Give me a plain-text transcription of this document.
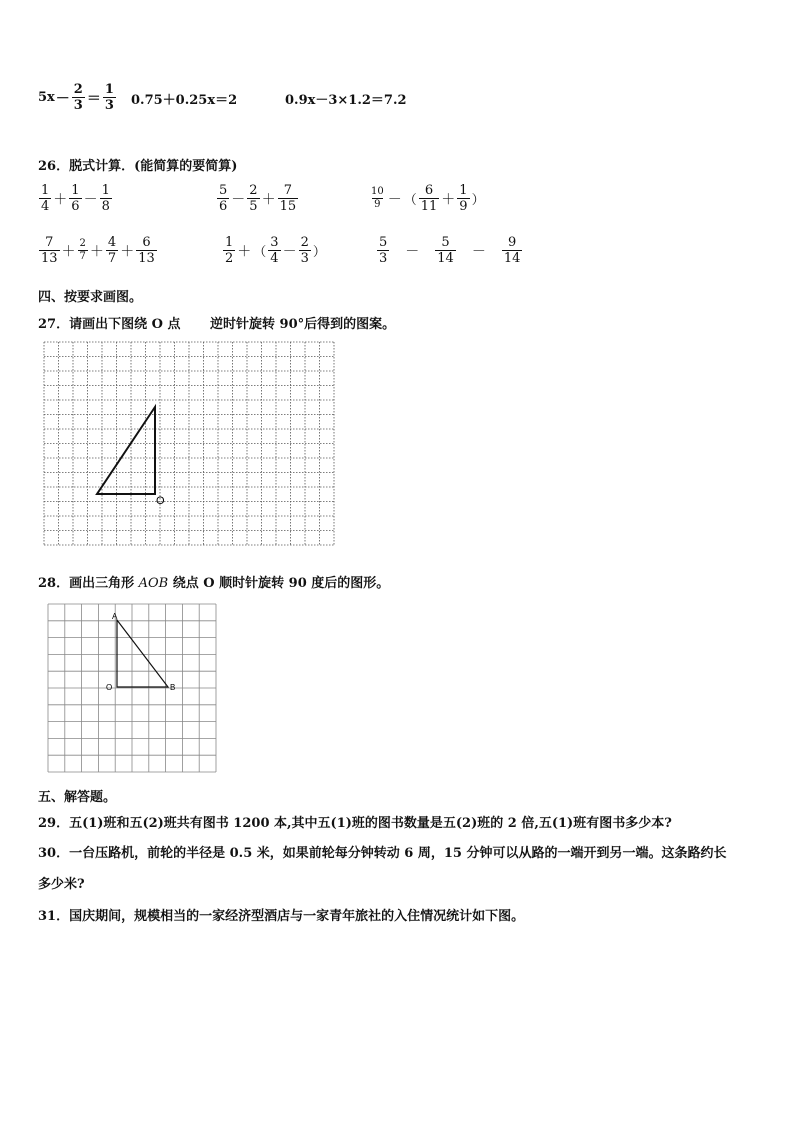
$5x - \frac{2}{3} = \frac{1}{3} 0.75+0.25x=2$	0.9x－3×1.2＝7.2
26．脱式计算．(能简算的要简算)
$\frac{1}{4} + \frac{1}{6} - \frac{1}{8}$	$\frac{5}{6} - \frac{2}{5} + \frac{7}{15}$	$\frac{10}{9}$ － （ $\frac{6}{11} + \frac{1}{9}$ ）
$\frac{7}{13} + \frac{2}{7} + \frac{4}{7} + \frac{6}{13}$	$\frac{1}{2}$ ＋ （ $\frac{3}{4} - \frac{2}{3}$ ）	$\frac{5}{3} - \frac{5}{14} - \frac{9}{14}$
四、按要求画图。
27．请画出下图绕 O 点 逆时针旋转 90°后得到的图案。
O
28．画出三角形 AOB 绕点 O 顺时针旋转 90 度后的图形。
A
O	B
五、解答题。
29．五(1)班和五(2)班共有图书 1200 本,其中五(1)班的图书数量是五(2)班的 2 倍,五(1)班有图书多少本?
30．一台压路机，前轮的半径是 0.5 米，如果前轮每分钟转动 6 周，15 分钟可以从路的一端开到另一端。这条路约长
多少米?
31．国庆期间，规模相当的一家经济型酒店与一家青年旅社的入住情况统计如下图。
